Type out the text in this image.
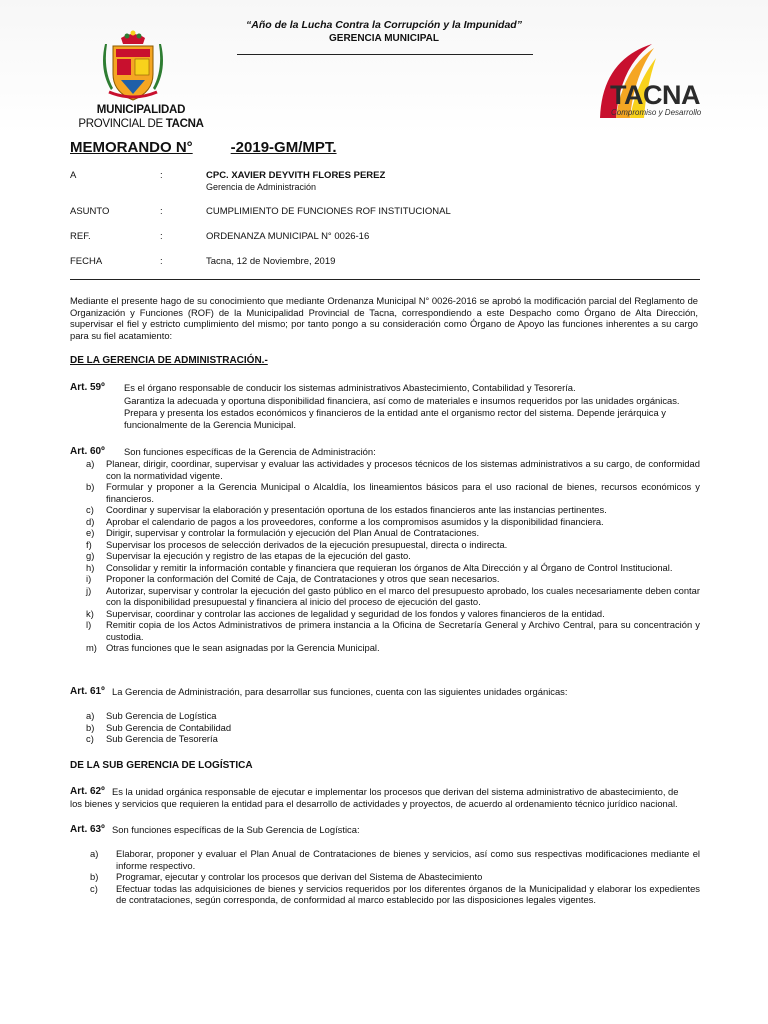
“Año de la Lucha Contra la Corrupción y la Impunidad”
GERENCIA MUNICIPAL
MUNICIPALIDAD
PROVINCIAL DE TACNA
TACNA
Compromiso y Desarrollo
MEMORANDO N°	-2019-GM/MPT.
A	:	CPC. XAVIER DEYVITH FLORES PEREZ
Gerencia de Administración
ASUNTO	:	CUMPLIMIENTO DE FUNCIONES ROF INSTITUCIONAL
REF.	:	ORDENANZA MUNICIPAL N° 0026-16
FECHA	:	Tacna, 12 de Noviembre, 2019
Mediante el presente hago de su conocimiento que mediante Ordenanza Municipal N° 0026-2016 se aprobó la modificación parcial del Reglamento de Organización y Funciones (ROF) de la Municipalidad Provincial de Tacna, correspondiendo a este Despacho como Órgano de Alta Dirección, supervisar el fiel y estricto cumplimiento del mismo; por tanto pongo a su consideración como Órgano de Apoyo las funciones inherentes a su cargo para su fiel acatamiento:
DE LA GERENCIA DE ADMINISTRACIÓN.-
Art. 59º Es el órgano responsable de conducir los sistemas administrativos Abastecimiento, Contabilidad y Tesorería.
Garantiza la adecuada y oportuna disponibilidad financiera, así como de materiales e insumos requeridos por las unidades orgánicas.
Prepara y presenta los estados económicos y financieros de la entidad ante el organismo rector del sistema. Depende jerárquica y
funcionalmente de la Gerencia Municipal.
Art. 60º Son funciones específicas de la Gerencia de Administración:
a) Planear, dirigir, coordinar, supervisar y evaluar las actividades y procesos técnicos de los sistemas administrativos a su cargo, de conformidad con la normatividad vigente.
b) Formular y proponer a la Gerencia Municipal o Alcaldía, los lineamientos básicos para el uso racional de bienes, recursos económicos y financieros.
c) Coordinar y supervisar la elaboración y presentación oportuna de los estados financieros ante las instancias pertinentes.
d) Aprobar el calendario de pagos a los proveedores, conforme a los compromisos asumidos y la disponibilidad financiera.
e) Dirigir, supervisar y controlar la formulación y ejecución del Plan Anual de Contrataciones.
f) Supervisar los procesos de selección derivados de la ejecución presupuestal, directa o indirecta.
g) Supervisar la ejecución y registro de las etapas de la ejecución del gasto.
h) Consolidar y remitir la información contable y financiera que requieran los órganos de Alta Dirección y al Órgano de Control Institucional.
i) Proponer la conformación del Comité de Caja, de Contrataciones y otros que sean necesarios.
j) Autorizar, supervisar y controlar la ejecución del gasto público en el marco del presupuesto aprobado, los cuales necesariamente deben contar con la disponibilidad presupuestal y financiera al inicio del proceso de ejecución del gasto.
k) Supervisar, coordinar y controlar las acciones de legalidad y seguridad de los fondos y valores financieros de la entidad.
l) Remitir copia de los Actos Administrativos de primera instancia a la Oficina de Secretaría General y Archivo Central, para su concentración y custodia.
m) Otras funciones que le sean asignadas por la Gerencia Municipal.
Art. 61º La Gerencia de Administración, para desarrollar sus funciones, cuenta con las siguientes unidades orgánicas:
a) Sub Gerencia de Logística
b) Sub Gerencia de Contabilidad
c) Sub Gerencia de Tesorería
DE LA SUB GERENCIA DE LOGÍSTICA
Art. 62º Es la unidad orgánica responsable de ejecutar e implementar los procesos que derivan del sistema administrativo de abastecimiento, de
los bienes y servicios que requieren la entidad para el desarrollo de actividades y proyectos, de acuerdo al ordenamiento técnico jurídico nacional.
Art. 63º Son funciones específicas de la Sub Gerencia de Logística:
a) Elaborar, proponer y evaluar el Plan Anual de Contrataciones de bienes y servicios, así como sus respectivas modificaciones mediante el informe respectivo.
b) Programar, ejecutar y controlar los procesos que derivan del Sistema de Abastecimiento
c) Efectuar todas las adquisiciones de bienes y servicios requeridos por los diferentes órganos de la Municipalidad y elaborar los expedientes de contrataciones, según corresponda, de conformidad al marco establecido por las disposiciones legales vigentes.
